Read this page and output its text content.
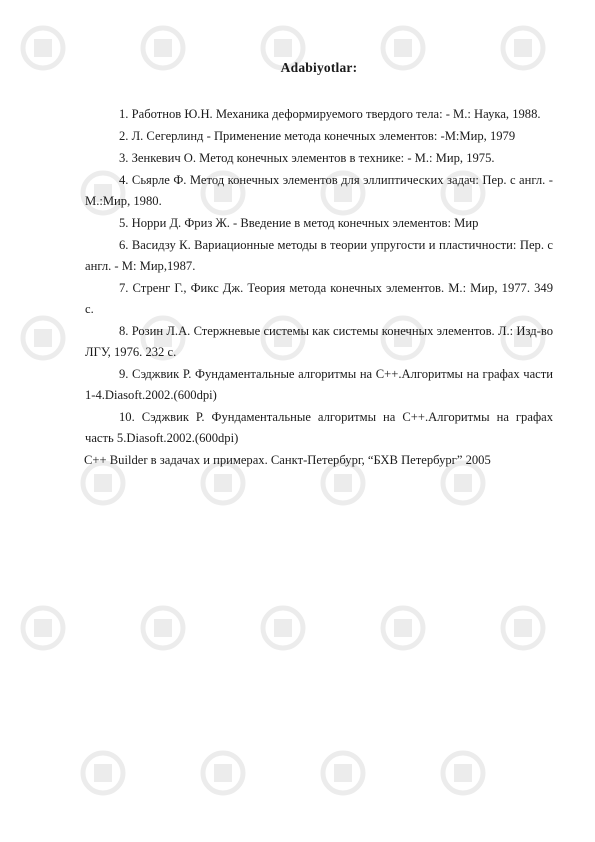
Adabiyotlar:

1. Работнов Ю.Н. Механика деформируемого твердого тела: - М.: Наука, 1988.

2. Л. Сегерлинд - Применение метода конечных элементов: -М:Мир, 1979

3. Зенкевич О. Метод конечных элементов в технике: - М.: Мир, 1975.

4. Сьярле Ф. Метод конечных элементов для эллиптических задач: Пер. с англ. - М.:Мир, 1980.

5. Норри Д. Фриз Ж. - Введение в метод конечных элементов: Мир

6. Васидзу К. Вариационные методы в теории упругости и пластичности: Пер. с англ. - М: Мир,1987.

7. Стренг Г., Фикс Дж. Теория метода конечных элементов. М.: Мир, 1977. 349 с.

8. Розин Л.А. Стержневые системы как системы конечных элементов. Л.: Изд-во ЛГУ, 1976. 232 с.

9. Сэджвик Р. Фундаментальные алгоритмы на С++.Алгоритмы на графах части 1-4.Diasoft.2002.(600dpi)

10. Сэджвик Р. Фундаментальные алгоритмы на С++.Алгоритмы на графах часть 5.Diasoft.2002.(600dpi)

C++ Builder в задачах и примерах. Санкт-Петербург, “БХВ Петербург” 2005
